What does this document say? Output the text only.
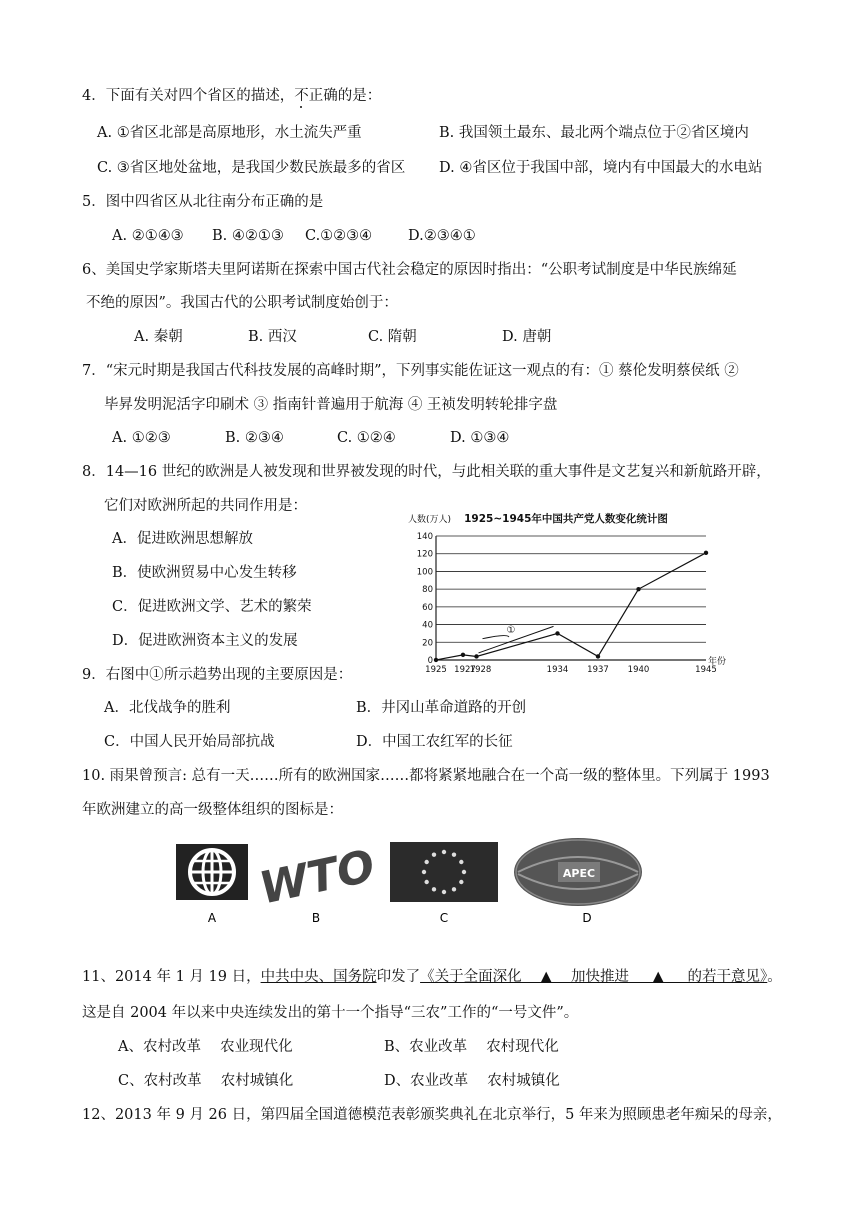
4．下面有关对四个省区的描述，不正确的是：
A. ①省区北部是高原地形，水土流失严重	B. 我国领土最东、最北两个端点位于②省区境内
C. ③省区地处盆地，是我国少数民族最多的省区 D. ④省区位于我国中部，境内有中国最大的水电站
5．图中四省区从北往南分布正确的是
A. ②①④③ B. ④②①③ C.①②③④ D.②③④①
6、美国史学家斯塔夫里阿诺斯在探索中国古代社会稳定的原因时指出：“公职考试制度是中华民族绵延
不绝的原因”。我国古代的公职考试制度始创于：
A. 秦朝	B. 西汉	C. 隋朝	D. 唐朝
7．“宋元时期是我国古代科技发展的高峰时期”，下列事实能佐证这一观点的有：① 蔡伦发明蔡侯纸 ②
毕昇发明泥活字印刷术 ③ 指南针普遍用于航海 ④ 王祯发明转轮排字盘
A. ①②③	B. ②③④	C. ①②④	D. ①③④
8．14—16 世纪的欧洲是人被发现和世界被发现的时代，与此相关联的重大事件是文艺复兴和新航路开辟，
它们对欧洲所起的共同作用是：
A．促进欧洲思想解放
B．使欧洲贸易中心发生转移
C．促进欧洲文学、艺术的繁荣
D．促进欧洲资本主义的发展
1925~1945年中国共产党人数变化统计图
人数(万人)
0
20
40
60
80
100
120
140
1925 1927
1928	1934 1937 1940	1945
年份
①
9．右图中①所示趋势出现的主要原因是：
A．北伐战争的胜利	B．井冈山革命道路的开创
C．中国人民开始局部抗战	D．中国工农红军的长征
10. 雨果曾预言: 总有一天……所有的欧洲国家……都将紧紧地融合在一个高一级的整体里。下列属于 1993
年欧洲建立的高一级整体组织的图标是：
WTO	APEC
A	B	C	D
11、2014 年 1 月 19 日，中共中央、国务院印发了《关于全面深化　 ▲ 　加快推进 　 ▲ 　 的若干意见》。
这是自 2004 年以来中央连续发出的第十一个指导“三农”工作的“一号文件”。
A、农村改革　 农业现代化	B、农业改革　 农村现代化
C、农村改革　 农村城镇化	D、农业改革　 农村城镇化
12、2013 年 9 月 26 日，第四届全国道德模范表彰颁奖典礼在北京举行，5 年来为照顾患老年痴呆的母亲，
